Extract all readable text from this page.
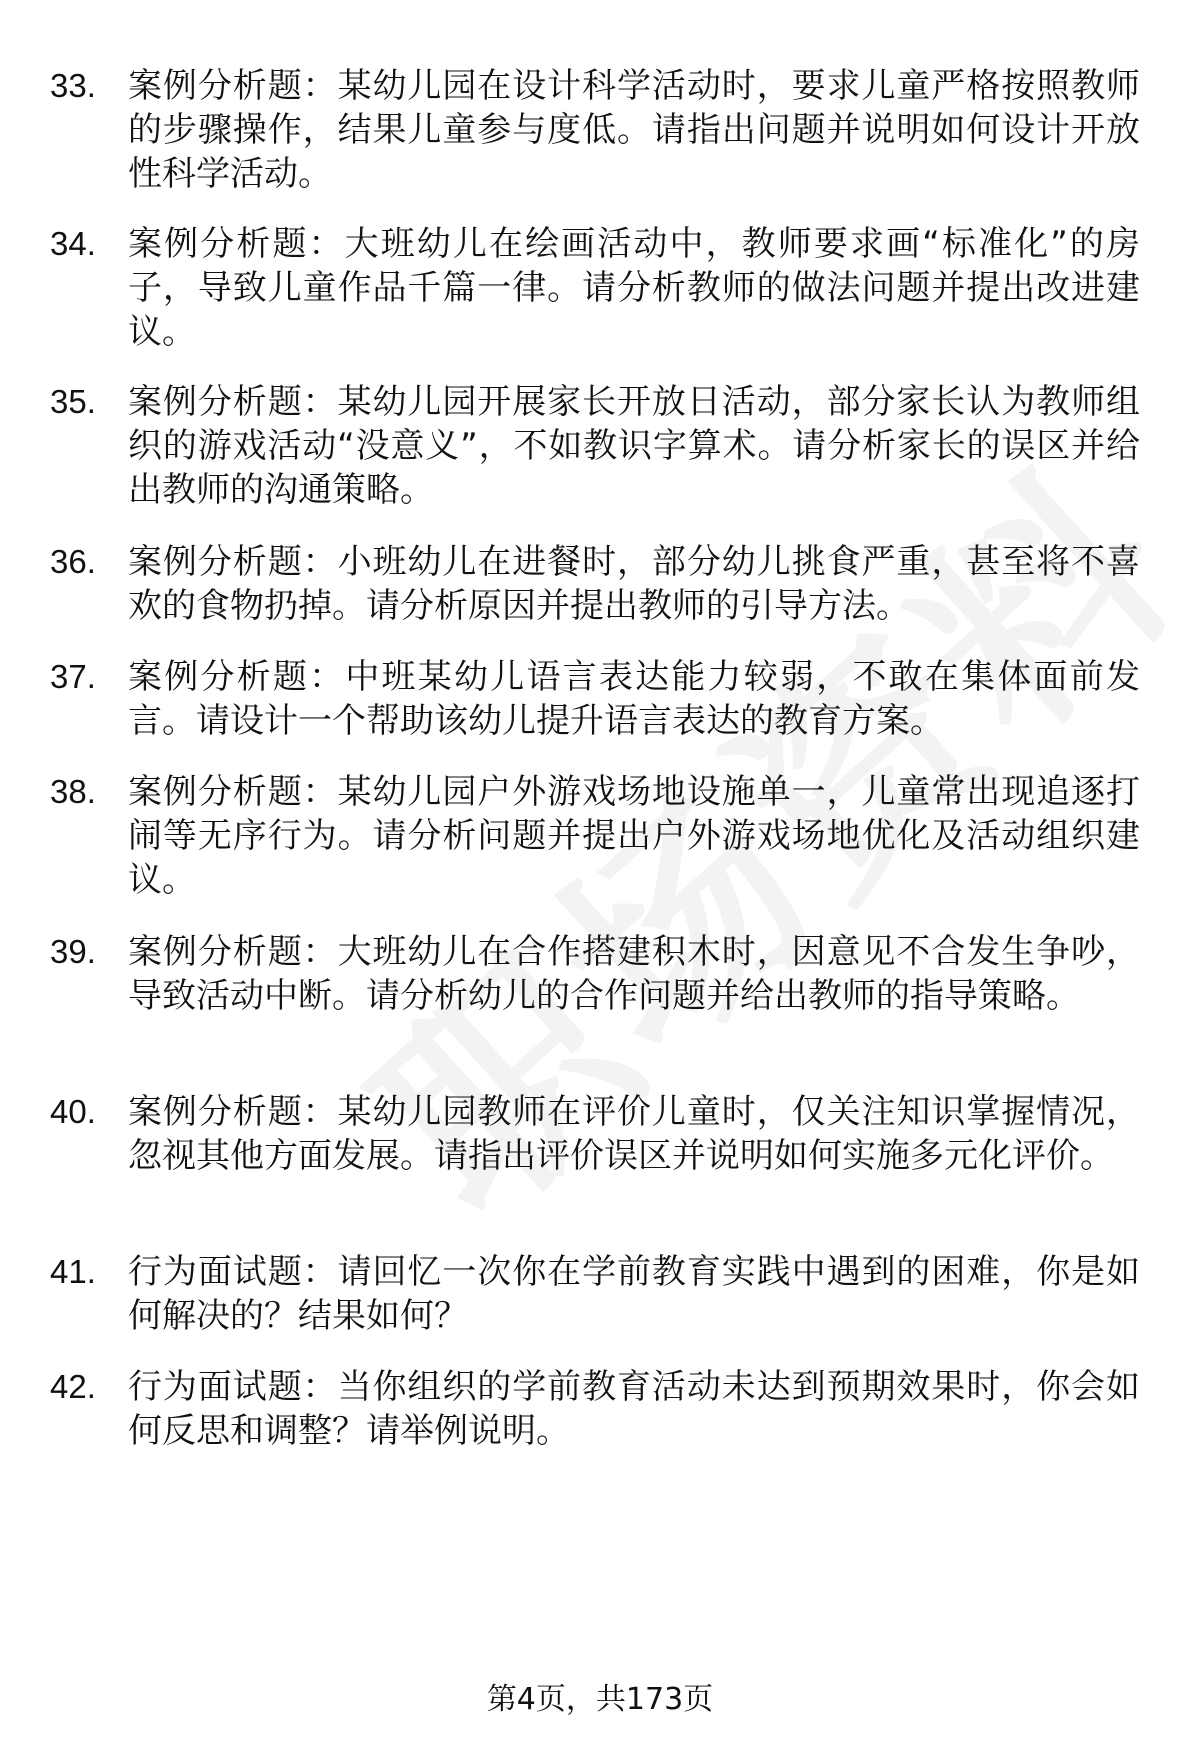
33. 案例分析题：某幼儿园在设计科学活动时，要求儿童严格按照教师的步骤操作，结果儿童参与度低。请指出问题并说明如何设计开放性科学活动。
34. 案例分析题：大班幼儿在绘画活动中，教师要求画“标准化”的房子，导致儿童作品千篇一律。请分析教师的做法问题并提出改进建议。
35. 案例分析题：某幼儿园开展家长开放日活动，部分家长认为教师组织的游戏活动“没意义”，不如教识字算术。请分析家长的误区并给出教师的沟通策略。
36. 案例分析题：小班幼儿在进餐时，部分幼儿挑食严重，甚至将不喜欢的食物扔掉。请分析原因并提出教师的引导方法。
37. 案例分析题：中班某幼儿语言表达能力较弱，不敢在集体面前发言。请设计一个帮助该幼儿提升语言表达的教育方案。
38. 案例分析题：某幼儿园户外游戏场地设施单一，儿童常出现追逐打闹等无序行为。请分析问题并提出户外游戏场地优化及活动组织建议。
39. 案例分析题：大班幼儿在合作搭建积木时，因意见不合发生争吵，导致活动中断。请分析幼儿的合作问题并给出教师的指导策略。
40. 案例分析题：某幼儿园教师在评价儿童时，仅关注知识掌握情况，忽视其他方面发展。请指出评价误区并说明如何实施多元化评价。
41. 行为面试题：请回忆一次你在学前教育实践中遇到的困难，你是如何解决的？结果如何？
42. 行为面试题：当你组织的学前教育活动未达到预期效果时，你会如何反思和调整？请举例说明。
第4页，共173页
